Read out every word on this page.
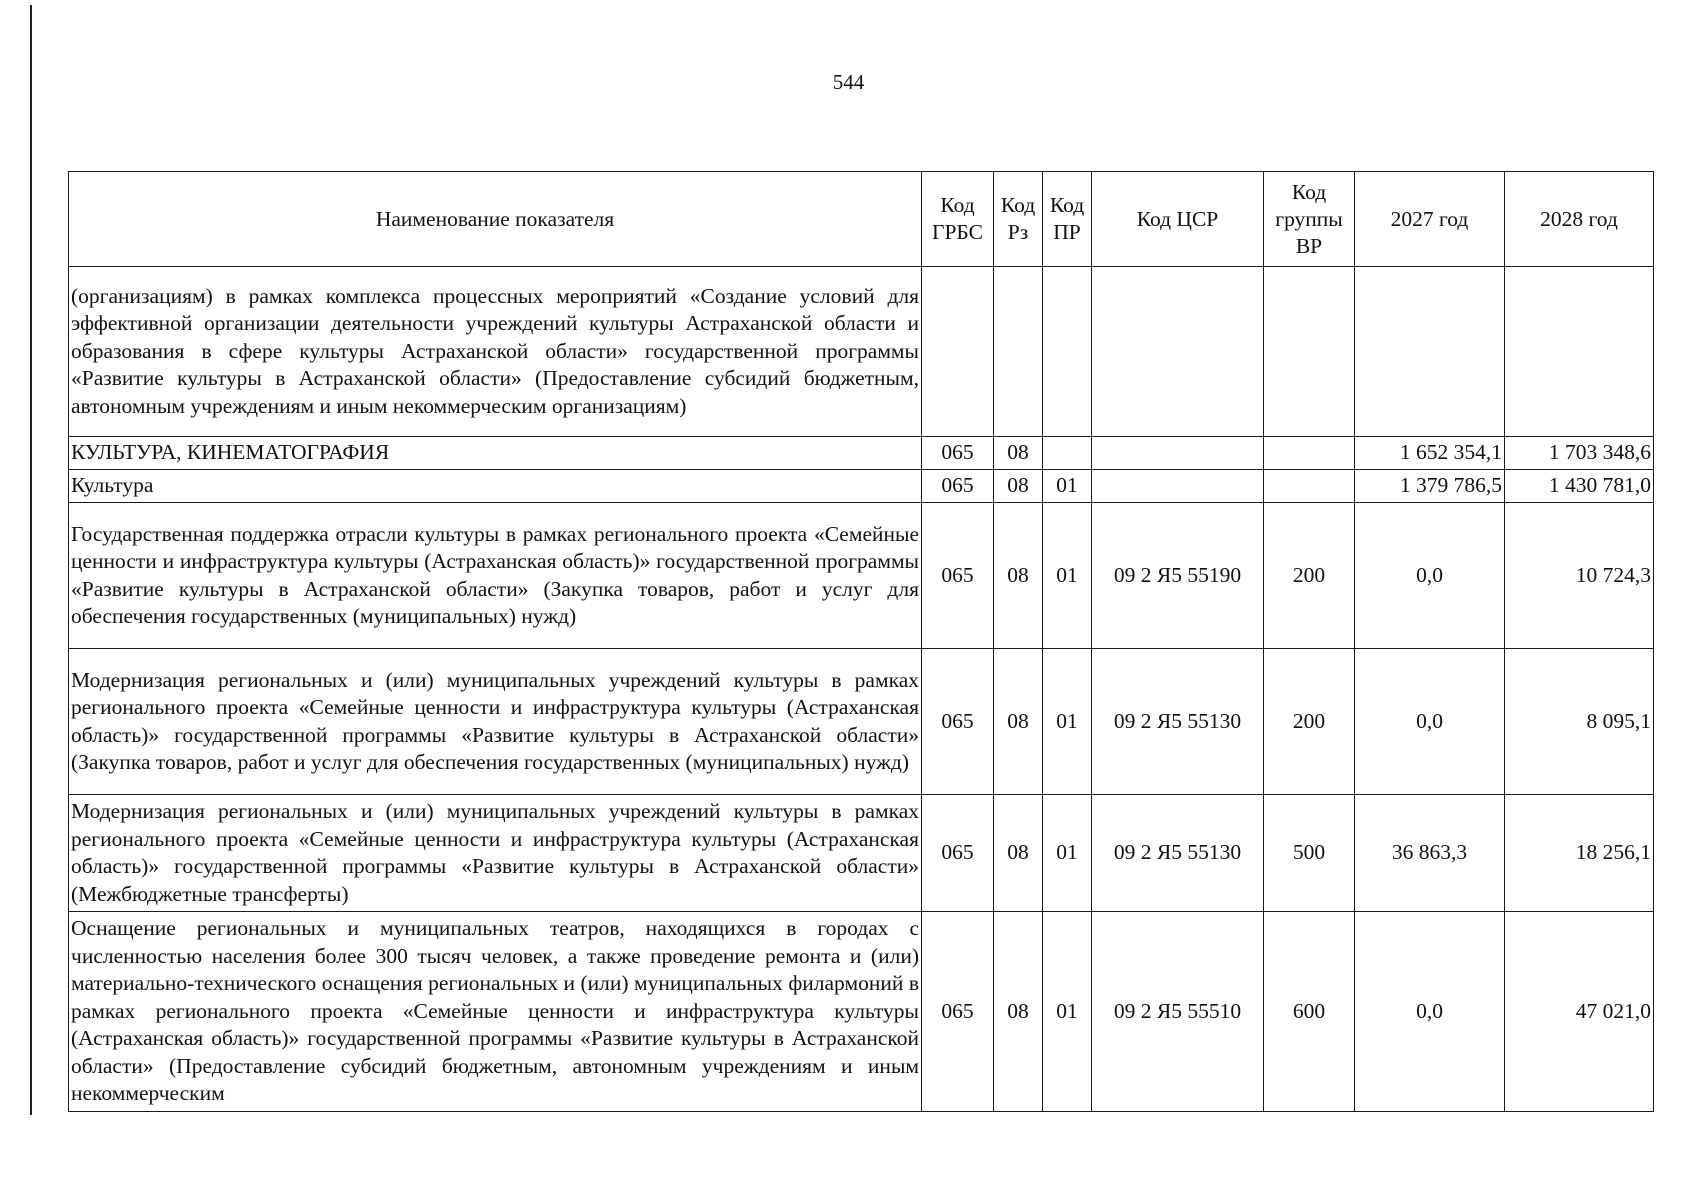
544
Наименование показателя	Код ГРБС	Код Рз	Код ПР	Код ЦСР	Код группы ВР	2027 год	2028 год
(организациям) в рамках комплекса процессных мероприятий «Создание условий для эффективной организации деятельности учреждений культуры Астраханской области и образования в сфере культуры Астраханской области» государственной программы «Развитие культуры в Астраханской области» (Предоставление субсидий бюджетным, автономным учреждениям и иным некоммерческим организациям)							
КУЛЬТУРА, КИНЕМАТОГРАФИЯ	065	08				1 652 354,1	1 703 348,6
Культура	065	08	01			1 379 786,5	1 430 781,0
Государственная поддержка отрасли культуры в рамках регионального проекта «Семейные ценности и инфраструктура культуры (Астраханская область)» государственной программы «Развитие культуры в Астраханской области» (Закупка товаров, работ и услуг для обеспечения государственных (муниципальных) нужд)	065	08	01	09 2 Я5 55190	200	0,0	10 724,3
Модернизация региональных и (или) муниципальных учреждений культуры в рамках регионального проекта «Семейные ценности и инфраструктура культуры (Астраханская область)» государственной программы «Развитие культуры в Астраханской области» (Закупка товаров, работ и услуг для обеспечения государственных (муниципальных) нужд)	065	08	01	09 2 Я5 55130	200	0,0	8 095,1
Модернизация региональных и (или) муниципальных учреждений культуры в рамках регионального проекта «Семейные ценности и инфраструктура культуры (Астраханская область)» государственной программы «Развитие культуры в Астраханской области» (Межбюджетные трансферты)	065	08	01	09 2 Я5 55130	500	36 863,3	18 256,1
Оснащение региональных и муниципальных театров, находящихся в городах с численностью населения более 300 тысяч человек, а также проведение ремонта и (или) материально-технического оснащения региональных и (или) муниципальных филармоний в рамках регионального проекта «Семейные ценности и инфраструктура культуры (Астраханская область)» государственной программы «Развитие культуры в Астраханской области» (Предоставление субсидий бюджетным, автономным учреждениям и иным некоммерческим	065	08	01	09 2 Я5 55510	600	0,0	47 021,0
